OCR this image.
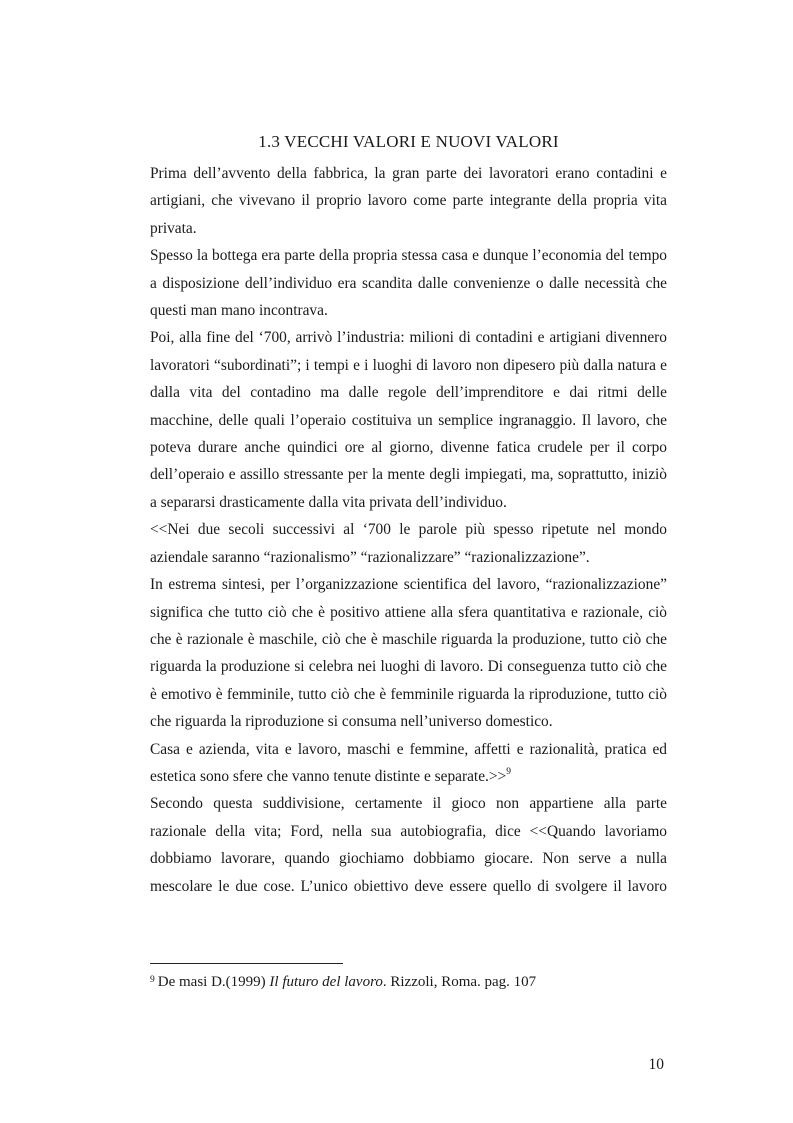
1.3 VECCHI VALORI E NUOVI VALORI

Prima dell’avvento della fabbrica, la gran parte dei lavoratori erano contadini e artigiani, che vivevano il proprio lavoro come parte integrante della propria vita privata.

Spesso la bottega era parte della propria stessa casa e dunque l’economia del tempo a disposizione dell’individuo era scandita dalle convenienze o dalle necessità che questi man mano incontrava.

Poi, alla fine del ‘700, arrivò l’industria: milioni di contadini e artigiani divennero lavoratori “subordinati”; i tempi e i luoghi di lavoro non dipesero più dalla natura e dalla vita del contadino ma dalle regole dell’imprenditore e dai ritmi delle macchine, delle quali l’operaio costituiva un semplice ingranaggio. Il lavoro, che poteva durare anche quindici ore al giorno, divenne fatica crudele per il corpo dell’operaio e assillo stressante per la mente degli impiegati, ma, soprattutto, iniziò a separarsi drasticamente dalla vita privata dell’individuo.

<<Nei due secoli successivi al ‘700 le parole più spesso ripetute nel mondo aziendale saranno “razionalismo” “razionalizzare” “razionalizzazione”.

In estrema sintesi, per l’organizzazione scientifica del lavoro, “razionalizzazione” significa che tutto ciò che è positivo attiene alla sfera quantitativa e razionale, ciò che è razionale è maschile, ciò che è maschile riguarda la produzione, tutto ciò che riguarda la produzione si celebra nei luoghi di lavoro. Di conseguenza tutto ciò che è emotivo è femminile, tutto ciò che è femminile riguarda la riproduzione, tutto ciò che riguarda la riproduzione si consuma nell’universo domestico.

Casa e azienda, vita e lavoro, maschi e femmine, affetti e razionalità, pratica ed estetica sono sfere che vanno tenute distinte e separate.>>$^9$

Secondo questa suddivisione, certamente il gioco non appartiene alla parte razionale della vita; Ford, nella sua autobiografia, dice <<Quando lavoriamo dobbiamo lavorare, quando giochiamo dobbiamo giocare. Non serve a nulla mescolare le due cose. L’unico obiettivo deve essere quello di svolgere il lavoro

$^9$ De masi D.(1999) Il futuro del lavoro. Rizzoli, Roma. pag. 107
10
